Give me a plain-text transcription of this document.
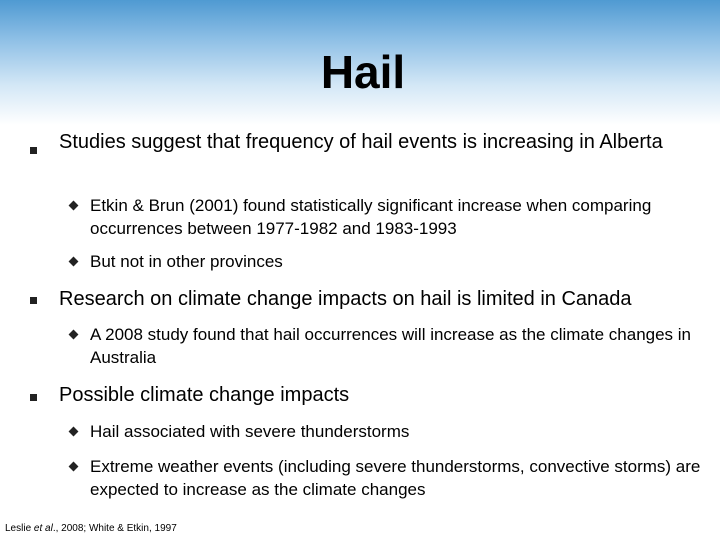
Hail
Studies suggest that frequency of hail events is increasing in Alberta
Etkin & Brun (2001) found statistically significant increase when comparing occurrences between 1977-1982 and 1983-1993
But not in other provinces
Research on climate change impacts on hail is limited in Canada
A 2008 study found that hail occurrences will increase as the climate changes in Australia
Possible climate change impacts
Hail associated with severe thunderstorms
Extreme weather events (including severe thunderstorms, convective storms) are expected to increase as the climate changes
Leslie et al., 2008; White & Etkin, 1997
